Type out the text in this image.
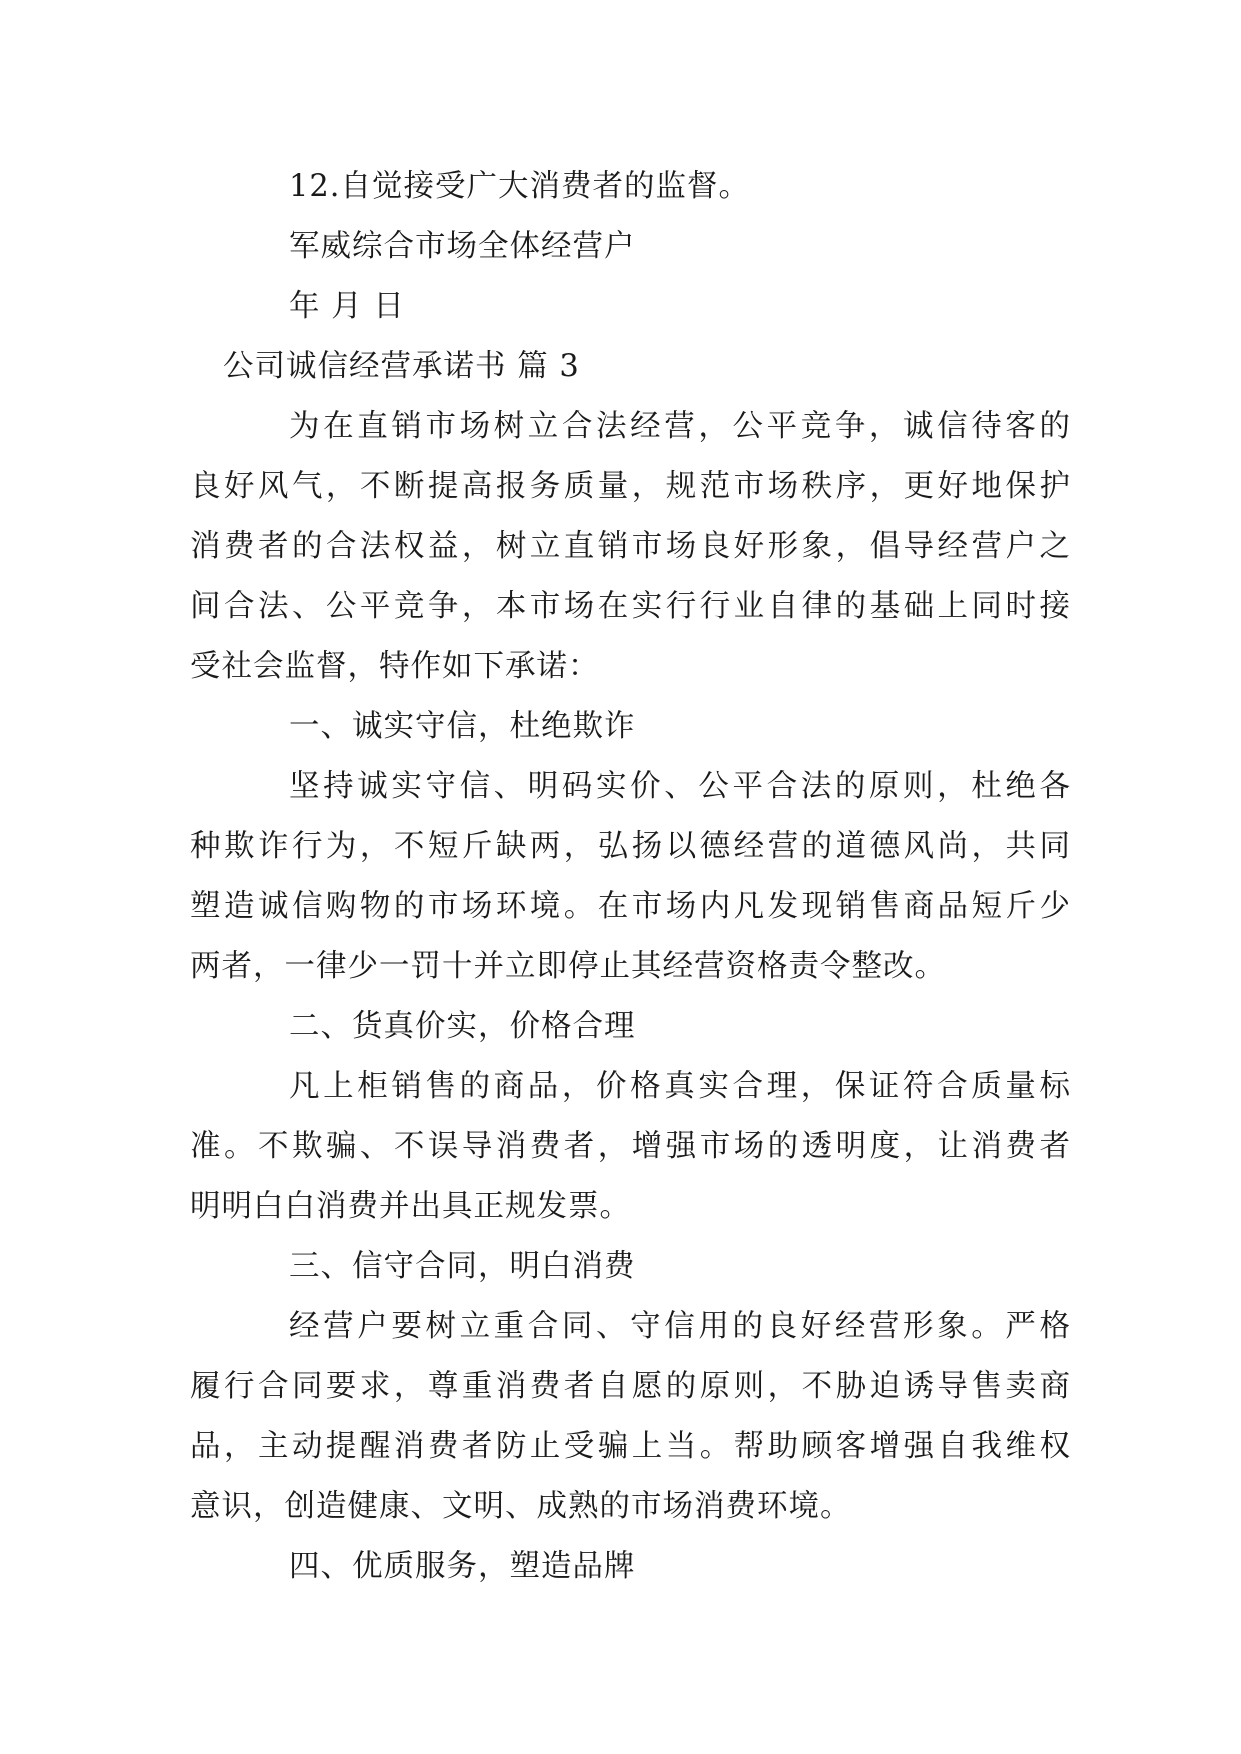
12.自觉接受广大消费者的监督。

军威综合市场全体经营户

年 月 日

公司诚信经营承诺书 篇 3

为在直销市场树立合法经营，公平竞争，诚信待客的

良好风气，不断提高报务质量，规范市场秩序，更好地保护

消费者的合法权益，树立直销市场良好形象，倡导经营户之

间合法、公平竞争，本市场在实行行业自律的基础上同时接

受社会监督，特作如下承诺：

一、诚实守信，杜绝欺诈

坚持诚实守信、明码实价、公平合法的原则，杜绝各

种欺诈行为，不短斤缺两，弘扬以德经营的道德风尚，共同

塑造诚信购物的市场环境。在市场内凡发现销售商品短斤少

两者，一律少一罚十并立即停止其经营资格责令整改。

二、货真价实，价格合理

凡上柜销售的商品，价格真实合理，保证符合质量标

准。不欺骗、不误导消费者，增强市场的透明度，让消费者

明明白白消费并出具正规发票。

三、信守合同，明白消费

经营户要树立重合同、守信用的良好经营形象。严格

履行合同要求，尊重消费者自愿的原则，不胁迫诱导售卖商

品，主动提醒消费者防止受骗上当。帮助顾客增强自我维权

意识，创造健康、文明、成熟的市场消费环境。

四、优质服务，塑造品牌
